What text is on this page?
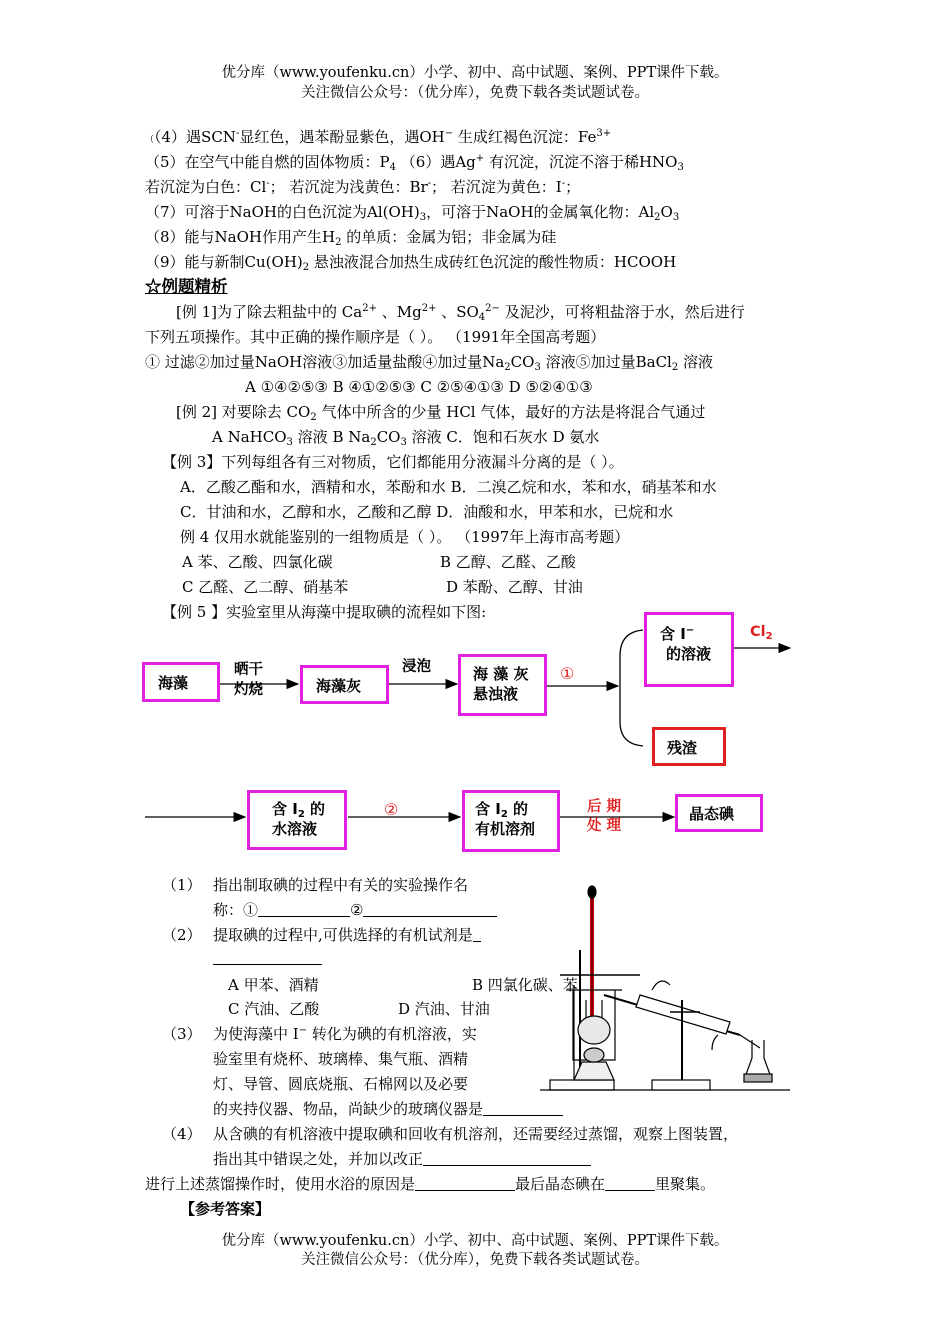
优分库（www.youfenku.cn）小学、初中、高中试题、案例、PPT课件下载。
关注微信公众号：（优分库），免费下载各类试题试卷。
（（4）遇SCN-显红色，遇苯酚显紫色，遇OH− 生成红褐色沉淀：$Fe^{3+}$
（5）在空气中能自燃的固体物质：$P_4$ （6）遇Ag+ 有沉淀，沉淀不溶于稀$HNO_3$
若沉淀为白色：Cl-； 若沉淀为浅黄色：Br-； 若沉淀为黄色：I-；
（7）可溶于NaOH的白色沉淀为$Al(OH)_3$，可溶于NaOH的金属氧化物：$Al_2O_3$
（8）能与NaOH作用产生$H_2$ 的单质：金属为铝；非金属为硅
（9）能与新制$Cu(OH)_2$ 悬浊液混合加热生成砖红色沉淀的酸性物质：HCOOH
☆例题精析
[例 1]为了除去粗盐中的 $Ca^{2+}$ 、$Mg^{2+}$ 、$SO_4^{2-}$ 及泥沙，可将粗盐溶于水，然后进行
下列五项操作。其中正确的操作顺序是（ ）。 （1991年全国高考题）
① 过滤②加过量NaOH溶液③加适量盐酸④加过量$Na_2CO_3$ 溶液⑤加过量BaCl$_2$ 溶液
A ①④②⑤③ B ④①②⑤③ C ②⑤④①③ D ⑤②④①③
[例 2] 对要除去 $CO_2$ 气体中所含的少量 HCl 气体，最好的方法是将混合气通过
A NaHCO$_3$ 溶液 B $Na_2CO_3$ 溶液 C．饱和石灰水 D 氨水
【例 3】下列每组各有三对物质，它们都能用分液漏斗分离的是（ ）。
A．乙酸乙酯和水，酒精和水，苯酚和水 B．二溴乙烷和水，苯和水，硝基苯和水
C．甘油和水，乙醇和水，乙酸和乙醇 D．油酸和水，甲苯和水，已烷和水
例 4 仅用水就能鉴别的一组物质是（ ）。 （1997年上海市高考题）
A 苯、乙酸、四氯化碳	B 乙醇、乙醛、乙酸
C 乙醛、乙二醇、硝基苯	D 苯酚、乙醇、甘油
【例 5 】实验室里从海藻中提取碘的流程如下图:
海藻
晒干
灼烧	海藻灰
浸泡	海 藻 灰
悬浊液
①
含 I−
的溶液
$Cl_2$
残渣
含 $I_2$ 的
水溶液
②	含 $I_2$ 的
有机溶剂
后 期
处 理
晶态碘
（1） 指出制取碘的过程中有关的实验操作名
称：①	②
（2） 提取碘的过程中,可供选择的有机试剂是
A 甲苯、酒精	B 四氯化碳、苯
C 汽油、乙酸	D 汽油、甘油
（3） 为使海藻中 I− 转化为碘的有机溶液，实
验室里有烧杯、玻璃棒、集气瓶、酒精
灯、导管、圆底烧瓶、石棉网以及必要
的夹持仪器、物品，尚缺少的玻璃仪器是
（4） 从含碘的有机溶液中提取碘和回收有机溶剂，还需要经过蒸馏，观察上图装置，
指出其中错误之处，并加以改正
进行上述蒸馏操作时，使用水浴的原因是	最后晶态碘在	里聚集。
【参考答案】
优分库（www.youfenku.cn）小学、初中、高中试题、案例、PPT课件下载。
关注微信公众号：（优分库），免费下载各类试题试卷。
